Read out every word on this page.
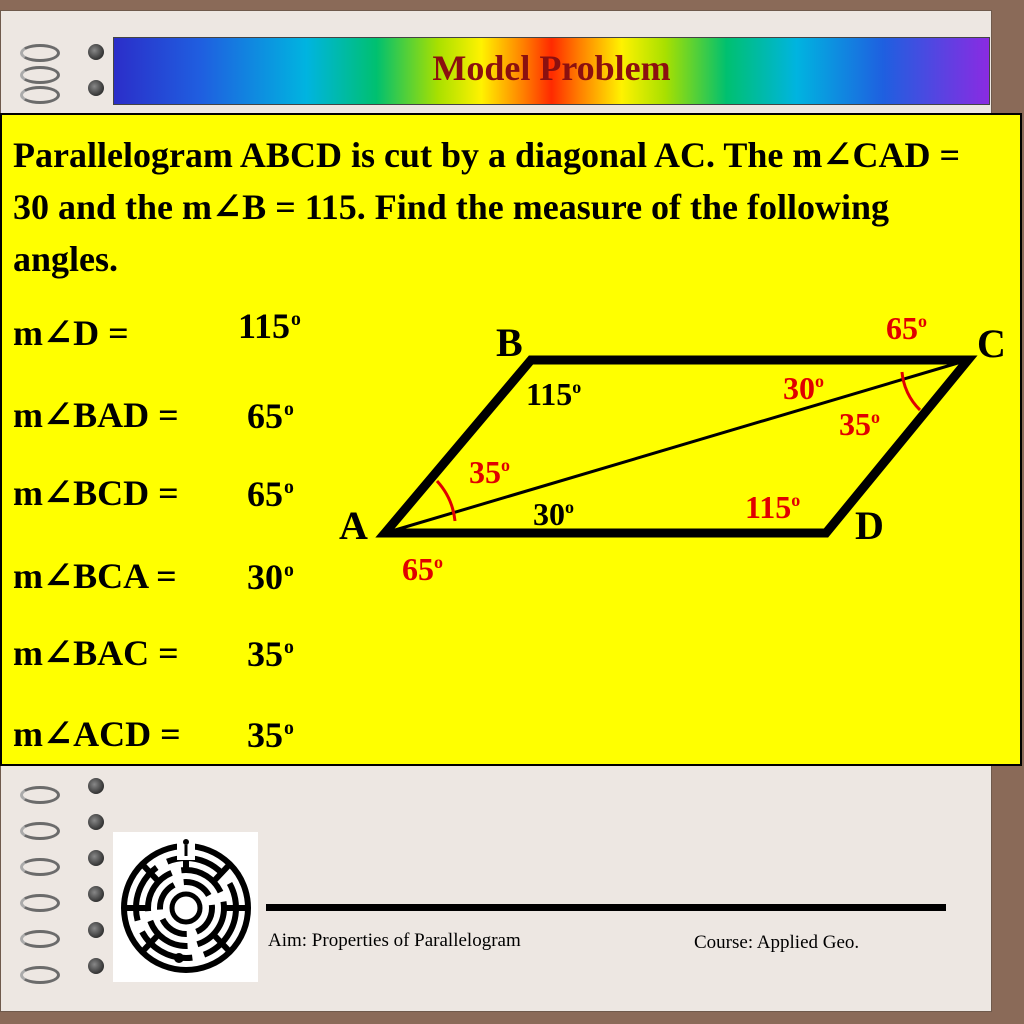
Model Problem

Parallelogram ABCD is cut by a diagonal AC. The m∠CAD = 30 and the m∠B = 115. Find the measure of the following angles.

m∠D =	$115^o$
m∠BAD = $65^o$
m∠BCD = $65^o$
m∠BCA = $30^o$
m∠BAC = $35^o$
m∠ACD = $35^o$
B	C
A	D
65$^o$
30$^o$
35$^o$
115$^o$
35$^o$
30$^o$	115$^o$
65$^o$
Aim: Properties of Parallelogram	Course: Applied Geo.
